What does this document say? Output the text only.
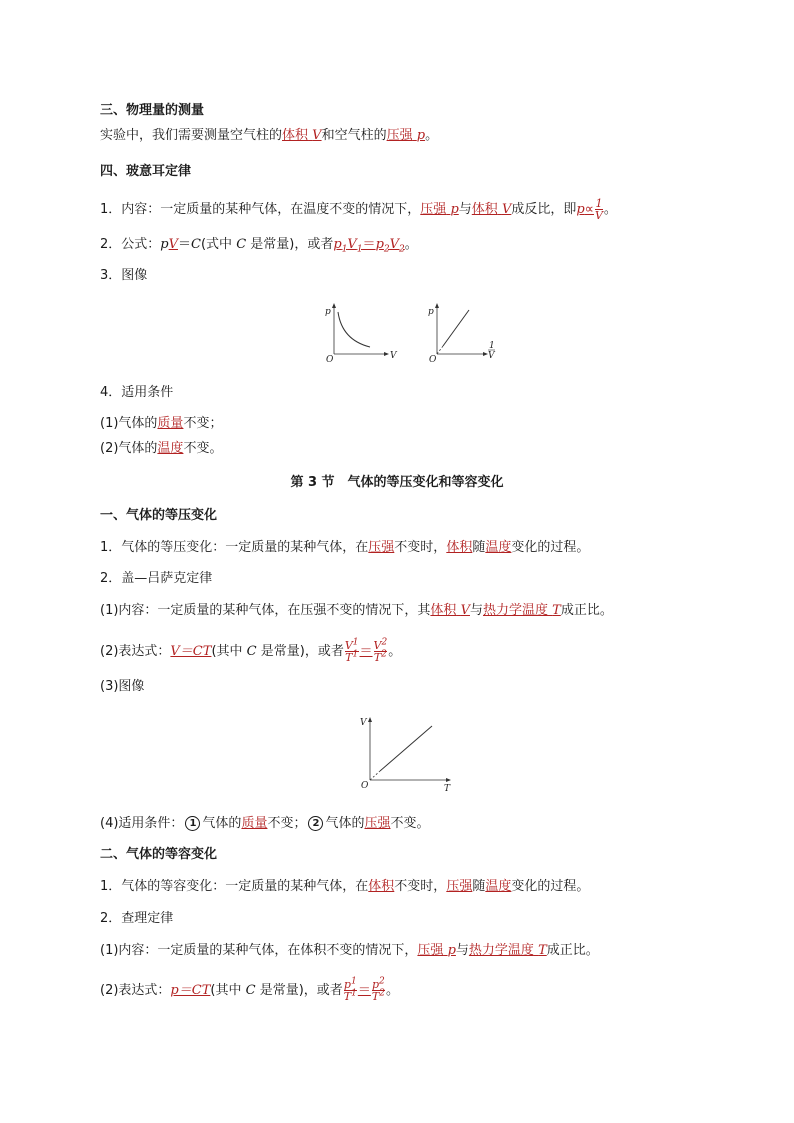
三、物理量的测量
实验中，我们需要测量空气柱的体积 V和空气柱的压强 p。
四、玻意耳定律
1．内容：一定质量的某种气体，在温度不变的情况下，压强 p与体积 V成反比，即$p\propto \frac{1}{V}$ 。
2．公式：pV＝C(式中 C 是常量)，或者$p_1V_1=p_2V_2$。
3．图像
p
V
O
p
1
V
O
4．适用条件
(1)气体的质量不变；
(2)气体的温度不变。
第 3 节　气体的等压变化和等容变化
一、气体的等压变化
1．气体的等压变化：一定质量的某种气体，在压强不变时，体积随温度变化的过程。
2．盖—吕萨克定律
(1)内容：一定质量的某种气体，在压强不变的情况下，其体积 V与热力学温度 T成正比。
(2)表达式：V＝CT(其中 C 是常量)，或者 $\frac{V^1}{T^1} = \frac{V^2}{T^2}$ 。
(3)图像
V
T
O
(4)适用条件： 1 气体的质量不变； 2 气体的压强不变。
二、气体的等容变化
1．气体的等容变化：一定质量的某种气体，在体积不变时，压强随温度变化的过程。
2．查理定律
(1)内容：一定质量的某种气体，在体积不变的情况下，压强 p与热力学温度 T成正比。
(2)表达式：p＝CT(其中 C 是常量)，或者 $\frac{p^1}{T^1} = \frac{p^2}{T^2}$ 。
